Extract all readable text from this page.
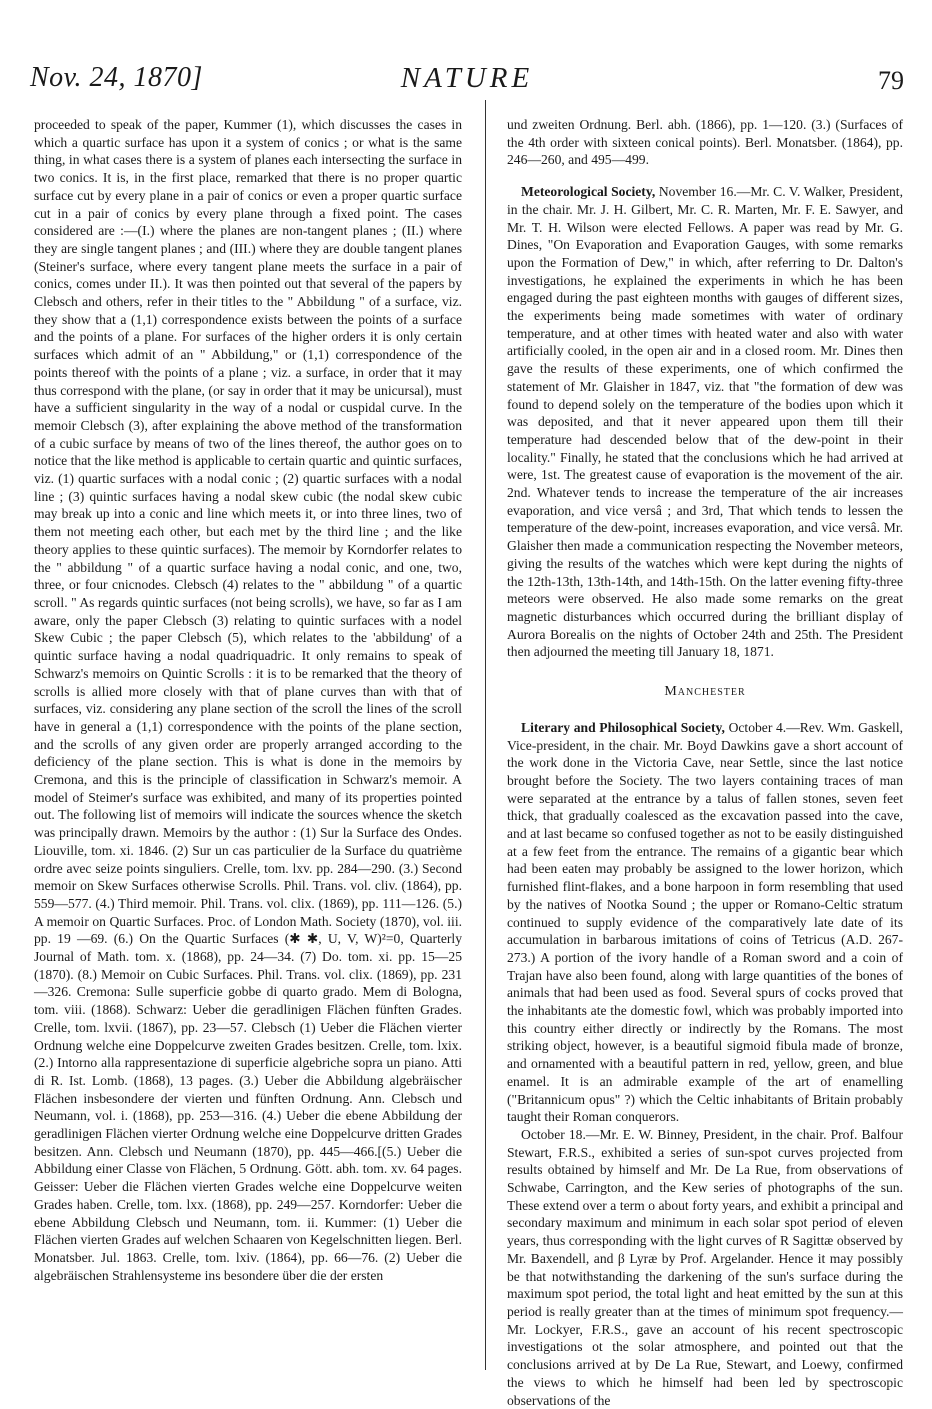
Nov. 24, 1870]	NATURE	79

proceeded to speak of the paper, Kummer (1), which discusses the cases in which a quartic surface has upon it a system of conics ; or what is the same thing, in what cases there is a system of planes each intersecting the surface in two conics. It is, in the first place, remarked that there is no proper quartic surface cut by every plane in a pair of conics or even a proper quartic surface cut in a pair of conics by every plane through a fixed point. The cases considered are :—(I.) where the planes are non-tangent planes ; (II.) where they are single tangent planes ; and (III.) where they are double tangent planes (Steiner's surface, where every tangent plane meets the surface in a pair of conics, comes under II.). It was then pointed out that several of the papers by Clebsch and others, refer in their titles to the " Abbildung " of a surface, viz. they show that a (1,1) correspondence exists between the points of a surface and the points of a plane. For surfaces of the higher orders it is only certain surfaces which admit of an " Abbildung," or (1,1) correspondence of the points thereof with the points of a plane ; viz. a surface, in order that it may thus correspond with the plane, (or say in order that it may be unicursal), must have a sufficient singularity in the way of a nodal or cuspidal curve. In the memoir Clebsch (3), after explaining the above method of the transformation of a cubic surface by means of two of the lines thereof, the author goes on to notice that the like method is applicable to certain quartic and quintic surfaces, viz. (1) quartic surfaces with a nodal conic ; (2) quartic surfaces with a nodal line ; (3) quintic surfaces having a nodal skew cubic (the nodal skew cubic may break up into a conic and line which meets it, or into three lines, two of them not meeting each other, but each met by the third line ; and the like theory applies to these quintic surfaces). The memoir by Korndorfer relates to the " abbildung " of a quartic surface having a nodal conic, and one, two, three, or four cnicnodes. Clebsch (4) relates to the " abbildung " of a quartic scroll. " As regards quintic surfaces (not being scrolls), we have, so far as I am aware, only the paper Clebsch (3) relating to quintic surfaces with a nodel Skew Cubic ; the paper Clebsch (5), which relates to the 'abbildung' of a quintic surface having a nodal quadriquadric. It only remains to speak of Schwarz's memoirs on Quintic Scrolls : it is to be remarked that the theory of scrolls is allied more closely with that of plane curves than with that of surfaces, viz. considering any plane section of the scroll the lines of the scroll have in general a (1,1) correspondence with the points of the plane section, and the scrolls of any given order are properly arranged according to the deficiency of the plane section. This is what is done in the memoirs by Cremona, and this is the principle of classification in Schwarz's memoir. A model of Steimer's surface was exhibited, and many of its properties pointed out. The following list of memoirs will indicate the sources whence the sketch was principally drawn. Memoirs by the author : (1) Sur la Surface des Ondes. Liouville, tom. xi. 1846. (2) Sur un cas particulier de la Surface du quatrième ordre avec seize points singuliers. Crelle, tom. lxv. pp. 284—290. (3.) Second memoir on Skew Surfaces otherwise Scrolls. Phil. Trans. vol. cliv. (1864), pp. 559—577. (4.) Third memoir. Phil. Trans. vol. clix. (1869), pp. 111—126. (5.) A memoir on Quartic Surfaces. Proc. of London Math. Society (1870), vol. iii. pp. 19 —69. (6.) On the Quartic Surfaces (✱ ✱, U, V, W)²=0, Quarterly Journal of Math. tom. x. (1868), pp. 24—34. (7) Do. tom. xi. pp. 15—25 (1870). (8.) Memoir on Cubic Surfaces. Phil. Trans. vol. clix. (1869), pp. 231—326. Cremona: Sulle superficie gobbe di quarto grado. Mem di Bologna, tom. viii. (1868). Schwarz: Ueber die geradlinigen Flächen fünften Grades. Crelle, tom. lxvii. (1867), pp. 23—57. Clebsch (1) Ueber die Flächen vierter Ordnung welche eine Doppelcurve zweiten Grades besitzen. Crelle, tom. lxix. (2.) Intorno alla rappresentazione di superficie algebriche sopra un piano. Atti di R. Ist. Lomb. (1868), 13 pages. (3.) Ueber die Abbildung algebräischer Flächen insbesondere der vierten und fünften Ordnung. Ann. Clebsch und Neumann, vol. i. (1868), pp. 253—316. (4.) Ueber die ebene Abbildung der geradlinigen Flächen vierter Ordnung welche eine Doppelcurve dritten Grades besitzen. Ann. Clebsch und Neumann (1870), pp. 445—466.[(5.) Ueber die Abbildung einer Classe von Flächen, 5 Ordnung. Gött. abh. tom. xv. 64 pages. Geisser: Ueber die Flächen vierten Grades welche eine Doppelcurve weiten Grades haben. Crelle, tom. lxx. (1868), pp. 249—257. Korndorfer: Ueber die ebene Abbildung Clebsch und Neumann, tom. ii. Kummer: (1) Ueber die Flächen vierten Grades auf welchen Schaaren von Kegelschnitten liegen. Berl. Monatsber. Jul. 1863. Crelle, tom. lxiv. (1864), pp. 66—76. (2) Ueber die algebräischen Strahlensysteme ins besondere über die der ersten

und zweiten Ordnung. Berl. abh. (1866), pp. 1—120. (3.) (Surfaces of the 4th order with sixteen conical points). Berl. Monatsber. (1864), pp. 246—260, and 495—499.

Meteorological Society, November 16.—Mr. C. V. Walker, President, in the chair. Mr. J. H. Gilbert, Mr. C. R. Marten, Mr. F. E. Sawyer, and Mr. T. H. Wilson were elected Fellows. A paper was read by Mr. G. Dines, "On Evaporation and Evaporation Gauges, with some remarks upon the Formation of Dew," in which, after referring to Dr. Dalton's investigations, he explained the experiments in which he has been engaged during the past eighteen months with gauges of different sizes, the experiments being made sometimes with water of ordinary temperature, and at other times with heated water and also with water artificially cooled, in the open air and in a closed room. Mr. Dines then gave the results of these experiments, one of which confirmed the statement of Mr. Glaisher in 1847, viz. that "the formation of dew was found to depend solely on the temperature of the bodies upon which it was deposited, and that it never appeared upon them till their temperature had descended below that of the dew-point in their locality." Finally, he stated that the conclusions which he had arrived at were, 1st. The greatest cause of evaporation is the movement of the air. 2nd. Whatever tends to increase the temperature of the air increases evaporation, and vice versâ ; and 3rd, That which tends to lessen the temperature of the dew-point, increases evaporation, and vice versâ. Mr. Glaisher then made a communication respecting the November meteors, giving the results of the watches which were kept during the nights of the 12th-13th, 13th-14th, and 14th-15th. On the latter evening fifty-three meteors were observed. He also made some remarks on the great magnetic disturbances which occurred during the brilliant display of Aurora Borealis on the nights of October 24th and 25th. The President then adjourned the meeting till January 18, 1871.

Manchester

Literary and Philosophical Society, October 4.—Rev. Wm. Gaskell, Vice-president, in the chair. Mr. Boyd Dawkins gave a short account of the work done in the Victoria Cave, near Settle, since the last notice brought before the Society. The two layers containing traces of man were separated at the entrance by a talus of fallen stones, seven feet thick, that gradually coalesced as the excavation passed into the cave, and at last became so confused together as not to be easily distinguished at a few feet from the entrance. The remains of a gigantic bear which had been eaten may probably be assigned to the lower horizon, which furnished flint-flakes, and a bone harpoon in form resembling that used by the natives of Nootka Sound ; the upper or Romano-Celtic stratum continued to supply evidence of the comparatively late date of its accumulation in barbarous imitations of coins of Tetricus (A.D. 267-273.) A portion of the ivory handle of a Roman sword and a coin of Trajan have also been found, along with large quantities of the bones of animals that had been used as food. Several spurs of cocks proved that the inhabitants ate the domestic fowl, which was probably imported into this country either directly or indirectly by the Romans. The most striking object, however, is a beautiful sigmoid fibula made of bronze, and ornamented with a beautiful pattern in red, yellow, green, and blue enamel. It is an admirable example of the art of enamelling ("Britannicum opus" ?) which the Celtic inhabitants of Britain probably taught their Roman conquerors.

October 18.—Mr. E. W. Binney, President, in the chair. Prof. Balfour Stewart, F.R.S., exhibited a series of sun-spot curves projected from results obtained by himself and Mr. De La Rue, from observations of Schwabe, Carrington, and the Kew series of photographs of the sun. These extend over a term o about forty years, and exhibit a principal and secondary maximum and minimum in each solar spot period of eleven years, thus corresponding with the light curves of R Sagittæ observed by Mr. Baxendell, and β Lyræ by Prof. Argelander. Hence it may possibly be that notwithstanding the darkening of the sun's surface during the maximum spot period, the total light and heat emitted by the sun at this period is really greater than at the times of minimum spot frequency.—Mr. Lockyer, F.R.S., gave an account of his recent spectroscopic investigations ot the solar atmosphere, and pointed out that the conclusions arrived at by De La Rue, Stewart, and Loewy, confirmed the views to which he himself had been led by spectroscopic observations of the
